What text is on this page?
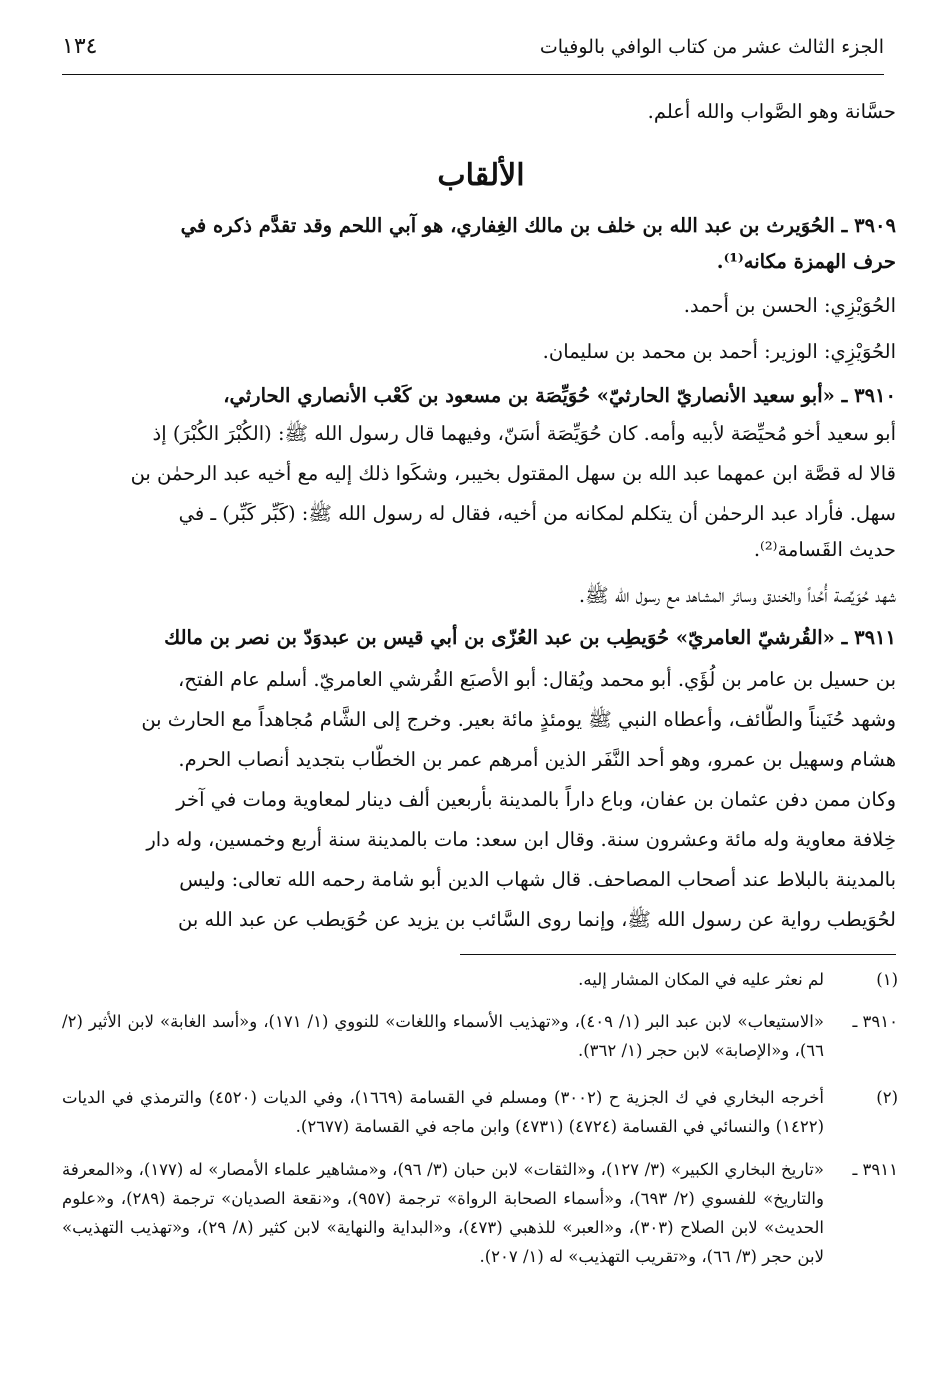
الجزء الثالث عشر من كتاب الوافي بالوفيات
١٣٤
حسَّانة وهو الصَّواب والله أعلم.
الألقاب
٣٩٠٩ ـ الحُوَيرث بن عبد الله بن خلف بن مالك الغِفاري، هو آبي اللحم وقد تقدَّم ذكره في
حرف الهمزة مكانه⁽¹⁾.
الحُوَيْزِي: الحسن بن أحمد.
الحُوَيْزِي: الوزير: أحمد بن محمد بن سليمان.
٣٩١٠ ـ «أبو سعيد الأنصاريّ الحارثيّ» حُوَيِّصَة بن مسعود بن كَعْب الأنصاري الحارثي،
أبو سعيد أخو مُحيِّصَة لأبيه وأمه. كان حُوَيِّصَة أسَنّ، وفيهما قال رسول الله ﷺ: (الكُبْرَ الكُبْرَ) إذ
قالا له قصَّة ابن عمهما عبد الله بن سهل المقتول بخيبر، وشكَوا ذلك إليه مع أخيه عبد الرحمٰن بن
سهل. فأراد عبد الرحمٰن أن يتكلم لمكانه من أخيه، فقال له رسول الله ﷺ: (كَبِّر كَبِّر) ـ في
حديث القَسامة⁽²⁾.
شهد حُوَيِّصة أُحُداً والخندق وسائر المشاهد مع رسول الله ﷺ.
٣٩١١ ـ «القُرشيّ العامريّ» حُوَيطِب بن عبد العُزّى بن أبي قيس بن عبدوَدّ بن نصر بن مالك
بن حسيل بن عامر بن لُؤَي. أبو محمد ويُقال: أبو الأصبَع القُرشي العامريّ. أسلم عام الفتح،
وشهد حُنَيناً والطَّائف، وأعطاه النبي ﷺ يومئذٍ مائة بعير. وخرج إلى الشَّام مُجاهداً مع الحارث بن
هشام وسهيل بن عمرو، وهو أحد النَّفَر الذين أمرهم عمر بن الخطّاب بتجديد أنصاب الحرم.
وكان ممن دفن عثمان بن عفان، وباع داراً بالمدينة بأربعين ألف دينار لمعاوية ومات في آخر
خِلافة معاوية وله مائة وعشرون سنة. وقال ابن سعد: مات بالمدينة سنة أربع وخمسين، وله دار
بالمدينة بالبلاط عند أصحاب المصاحف. قال شهاب الدين أبو شامة رحمه الله تعالى: وليس
لحُوَيطب رواية عن رسول الله ﷺ، وإنما روى السَّائب بن يزيد عن حُوَيطب عن عبد الله بن
(١)
لم نعثر عليه في المكان المشار إليه.
٣٩١٠ ـ
«الاستيعاب» لابن عبد البر (١/ ٤٠٩)، و«تهذيب الأسماء واللغات» للنووي (١/ ١٧١)، و«أسد الغابة» لابن الأثير (٢/ ٦٦)، و«الإصابة» لابن حجر (١/ ٣٦٢).
(٢)
أخرجه البخاري في ك الجزية ح (٣٠٠٢) ومسلم في القسامة (١٦٦٩)، وفي الديات (٤٥٢٠) والترمذي في الديات (١٤٢٢) والنسائي في القسامة (٤٧٢٤) (٤٧٣١) وابن ماجه في القسامة (٢٦٧٧).
٣٩١١ ـ
«تاريخ البخاري الكبير» (٣/ ١٢٧)، و«الثقات» لابن حبان (٣/ ٩٦)، و«مشاهير علماء الأمصار» له (١٧٧)، و«المعرفة والتاريخ» للفسوي (٢/ ٦٩٣)، و«أسماء الصحابة الرواة» ترجمة (٩٥٧)، و«نقعة الصديان» ترجمة (٢٨٩)، و«علوم الحديث» لابن الصلاح (٣٠٣)، و«العبر» للذهبي (٤٧٣)، و«البداية والنهاية» لابن كثير (٨/ ٢٩)، و«تهذيب التهذيب» لابن حجر (٣/ ٦٦)، و«تقريب التهذيب» له (١/ ٢٠٧).
